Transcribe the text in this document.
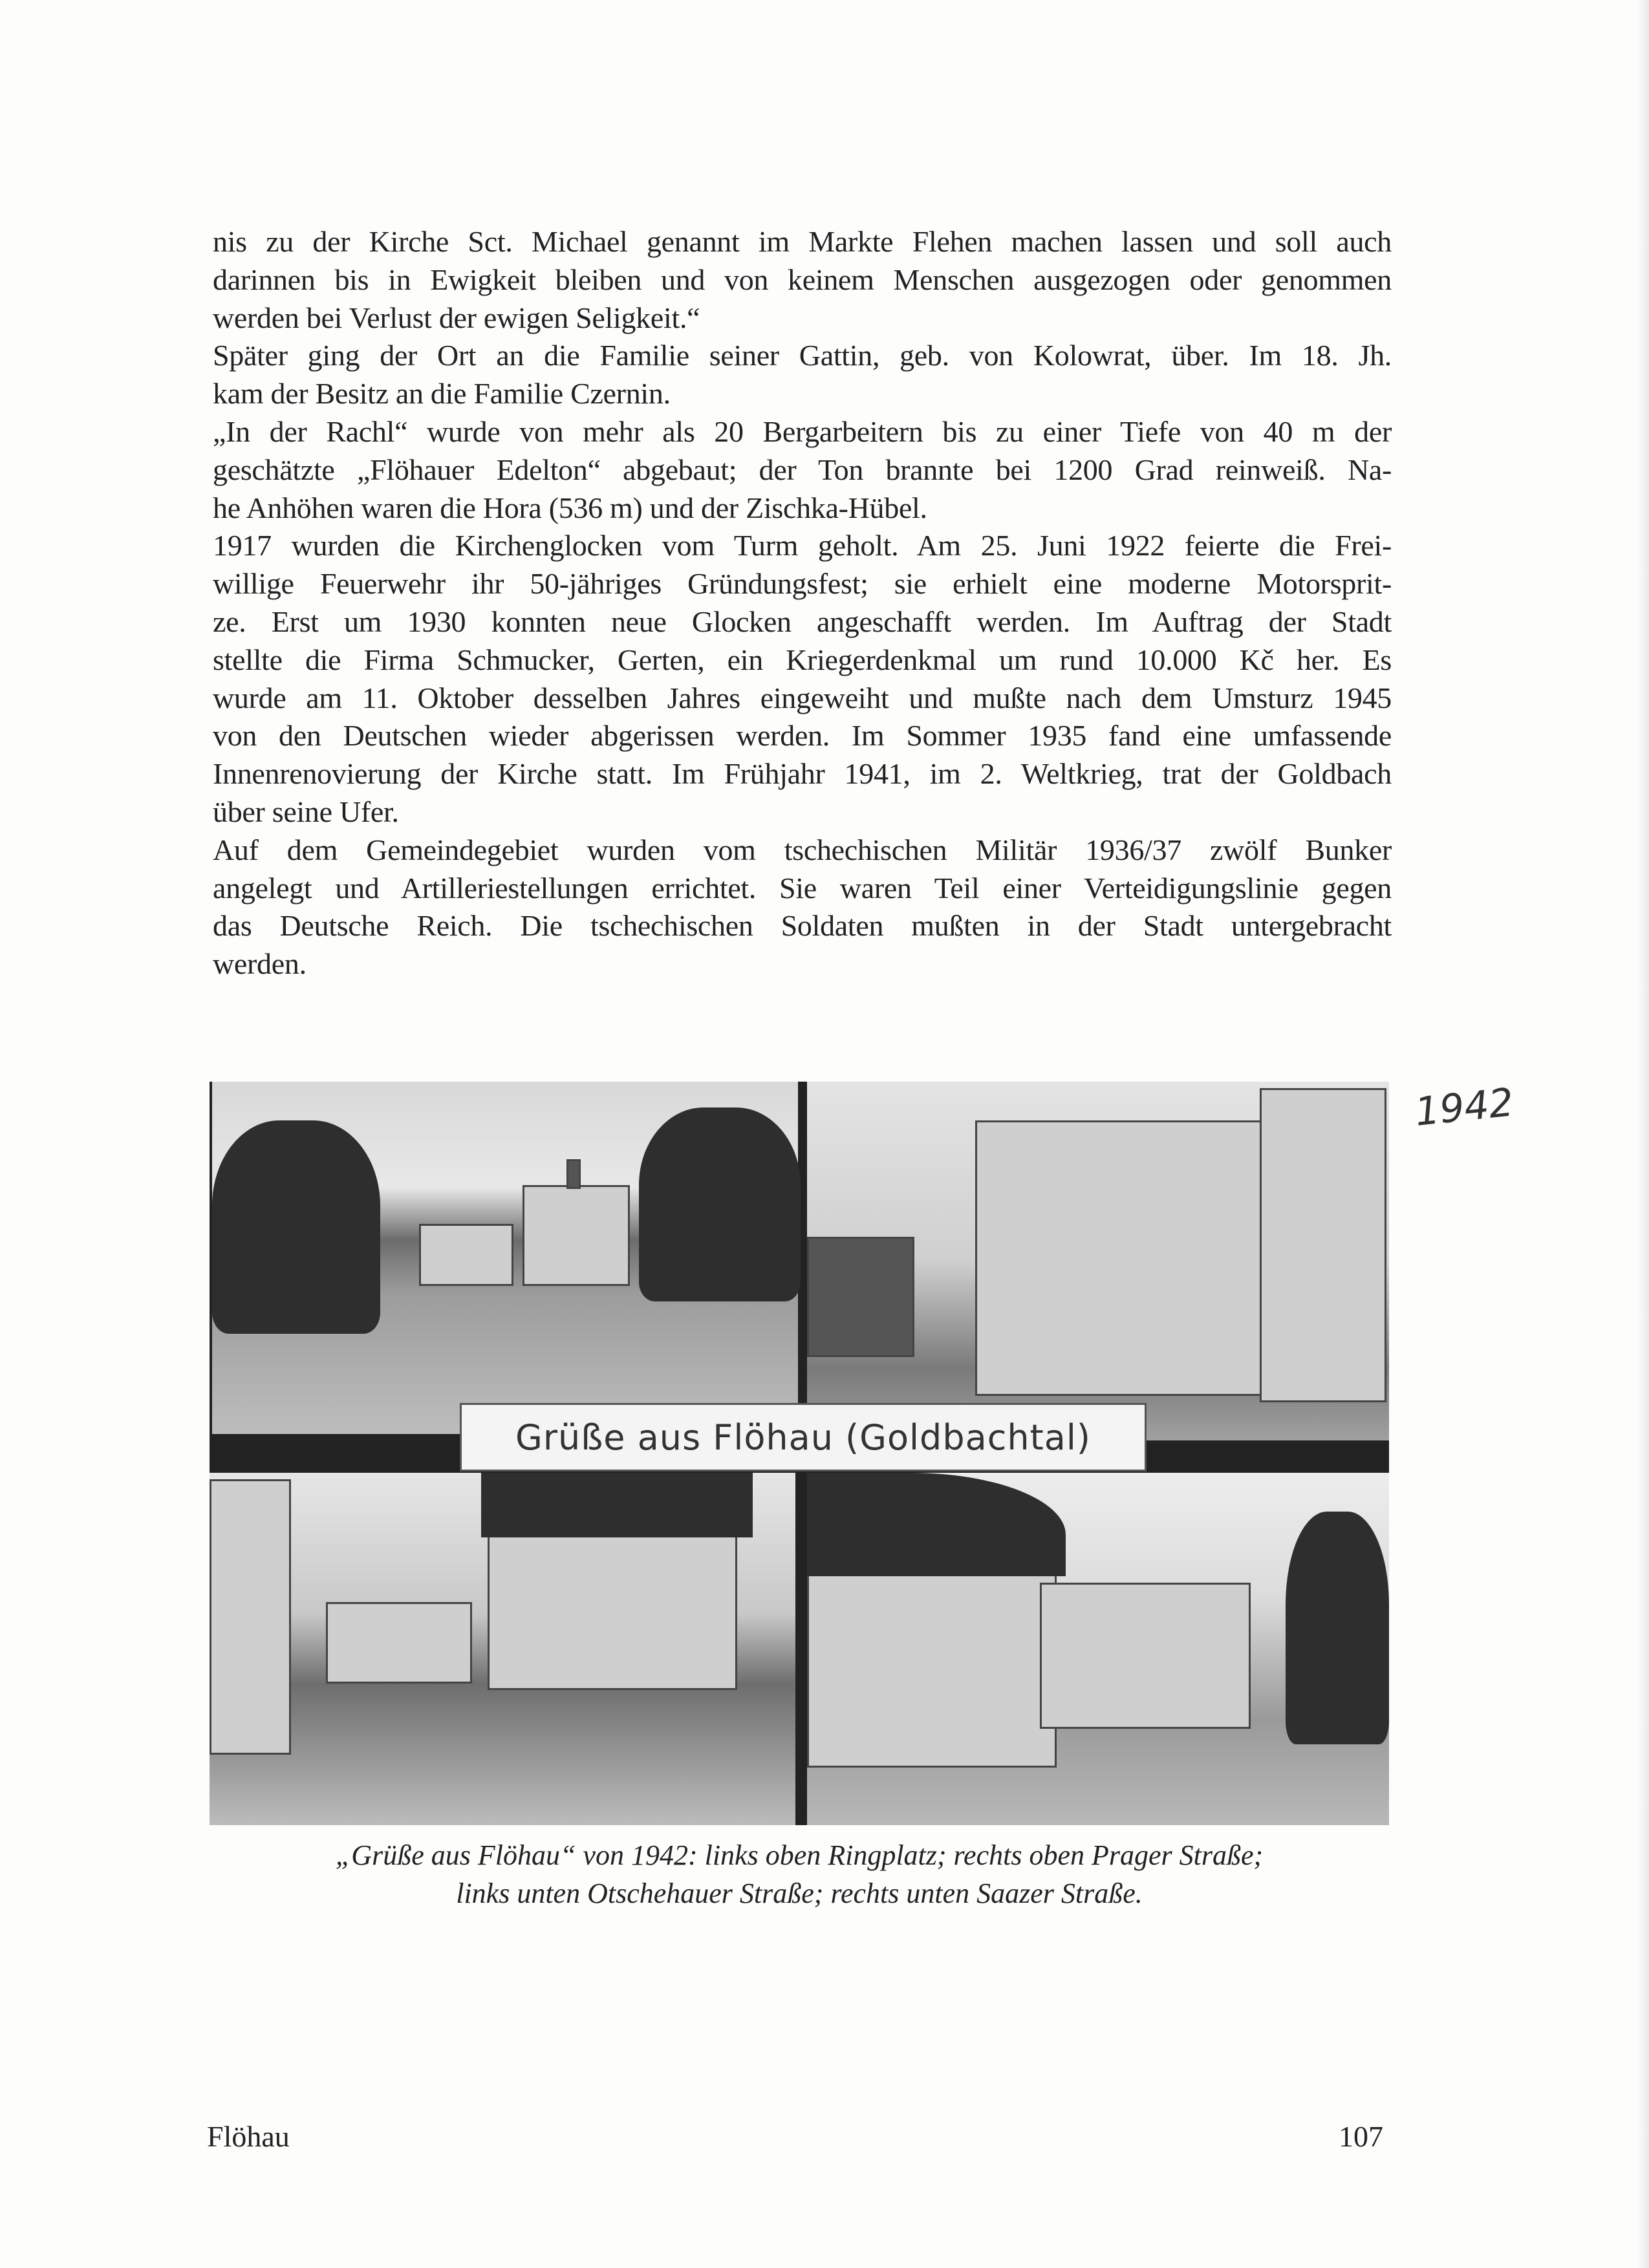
nis zu der Kirche Sct. Michael genannt im Markte Flehen machen lassen und soll auch
darinnen bis in Ewigkeit bleiben und von keinem Menschen ausgezogen oder genommen
werden bei Verlust der ewigen Seligkeit.“
Später ging der Ort an die Familie seiner Gattin, geb. von Kolowrat, über. Im 18. Jh.
kam der Besitz an die Familie Czernin.
„In der Rachl“ wurde von mehr als 20 Bergarbeitern bis zu einer Tiefe von 40 m der
geschätzte „Flöhauer Edelton“ abgebaut; der Ton brannte bei 1200 Grad reinweiß. Na-
he Anhöhen waren die Hora (536 m) und der Zischka-Hübel.
1917 wurden die Kirchenglocken vom Turm geholt. Am 25. Juni 1922 feierte die Frei-
willige Feuerwehr ihr 50-jähriges Gründungsfest; sie erhielt eine moderne Motorsprit-
ze. Erst um 1930 konnten neue Glocken angeschafft werden. Im Auftrag der Stadt
stellte die Firma Schmucker, Gerten, ein Kriegerdenkmal um rund 10.000 Kč her. Es
wurde am 11. Oktober desselben Jahres eingeweiht und mußte nach dem Umsturz 1945
von den Deutschen wieder abgerissen werden. Im Sommer 1935 fand eine umfassende
Innenrenovierung der Kirche statt. Im Frühjahr 1941, im 2. Weltkrieg, trat der Goldbach
über seine Ufer.
Auf dem Gemeindegebiet wurden vom tschechischen Militär 1936/37 zwölf Bunker
angelegt und Artilleriestellungen errichtet. Sie waren Teil einer Verteidigungslinie gegen
das Deutsche Reich. Die tschechischen Soldaten mußten in der Stadt untergebracht
werden.
1942
Grüße aus Flöhau (Goldbachtal)
„Grüße aus Flöhau“ von 1942: links oben Ringplatz; rechts oben Prager Straße;
links unten Otschehauer Straße; rechts unten Saazer Straße.
Flöhau	107
